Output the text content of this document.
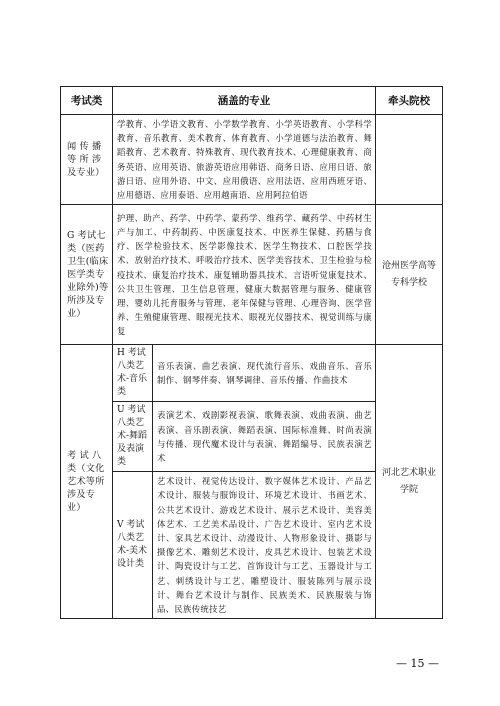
考试类	涵盖的专业		牵头院校
闻 传 播等 所 涉及专业）	学教育、小学语文教育、小学数学教育、小学英语教育、小学科学教育、音乐教育、美术教育、体育教育、小学道德与法治教育、舞蹈教育、艺术教育、特殊教育、现代教育技术、心理健康教育、商务英语、应用英语、旅游英语应用韩语、商务日语、应用日语、旅游日语、应用外语、中文、应用俄语、应用法语、应用西班牙语、应用德语、应用泰语、应用越南语、应用阿拉伯语		
G 考试七类（医药卫生(临床医学类专业除外)等所涉及专业）	护理、助产、药学、中药学、蒙药学、维药学、藏药学、中药材生产与加工、中药制药、中医康复技术、中医养生保健、药膳与食疗、医学检验技术、医学影像技术、医学生物技术、口腔医学技术、放射治疗技术、呼吸治疗技术、医学美容技术、卫生检验与检疫技术、康复治疗技术、康复辅助器具技术、言语听觉康复技术、公共卫生管理、卫生信息管理、健康大数据管理与服务、健康管理、婴幼儿托育服务与管理、老年保健与管理、心理咨询、医学营养、生殖健康管理、眼视光技术、眼视光仪器技术、视觉训练与康复		沧州医学高等专科学校
考 试 八类（文化艺术等所涉及专业）	H 考试八类艺术-音乐类	音乐表演、曲艺表演、现代流行音乐、戏曲音乐、音乐制作、钢琴伴奏、钢琴调律、音乐传播、作曲技术	河北艺术职业学院
	U 考试八类艺术-舞蹈及表演类	表演艺术、戏剧影视表演、歌舞表演、戏曲表演、曲艺表演、音乐剧表演、舞蹈表演、国际标准舞、时尚表演与传播、现代魔术设计与表演、舞蹈编导、民族表演艺术	
	V 考试八类艺术-美术设计类	艺术设计、视觉传达设计、数字媒体艺术设计、产品艺术设计、服装与服饰设计、环境艺术设计、书画艺术、公共艺术设计、游戏艺术设计、展示艺术设计、美容美体艺术、工艺美术品设计、广告艺术设计、室内艺术设计、家具艺术设计、动漫设计、人物形象设计、摄影与摄像艺术、雕刻艺术设计、皮具艺术设计、包装艺术设计、陶瓷设计与工艺、首饰设计与工艺、玉器设计与工艺、刺绣设计与工艺、雕塑设计、服装陈列与展示设计、舞台艺术设计与制作、民族美术、民族服装与饰品、民族传统技艺	
— 15 —
